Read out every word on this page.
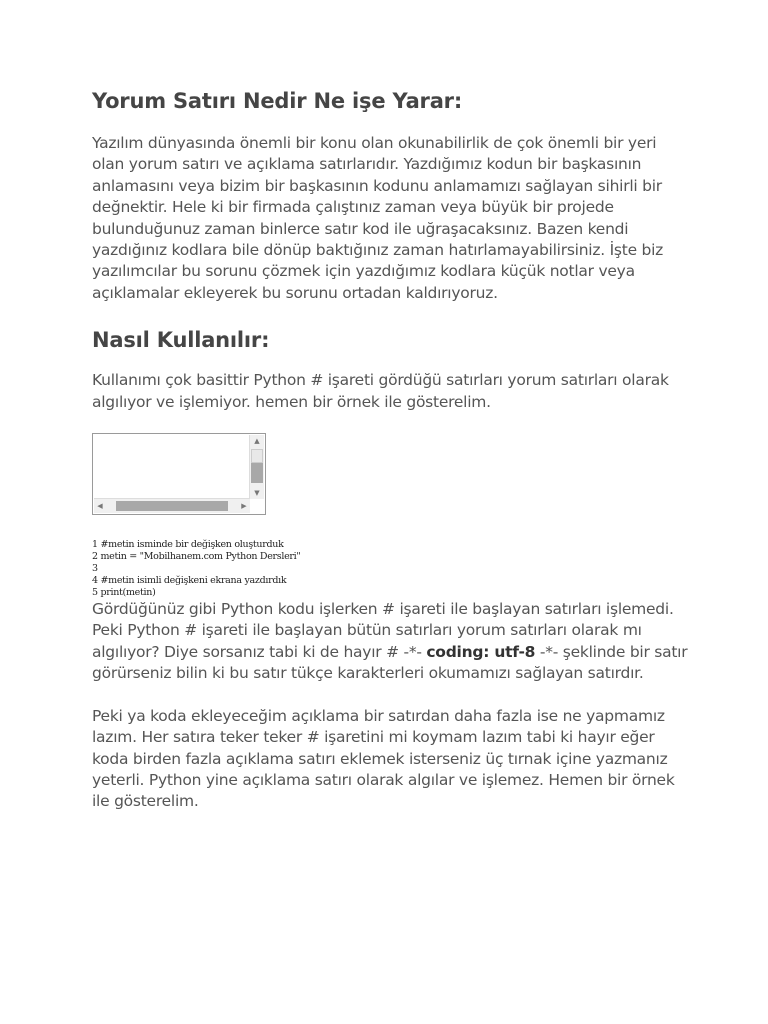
Yorum Satırı Nedir Ne işe Yarar:

Yazılım dünyasında önemli bir konu olan okunabilirlik de çok önemli bir yeri olan yorum satırı ve açıklama satırlarıdır. Yazdığımız kodun bir başkasının anlamasını veya bizim bir başkasının kodunu anlamamızı sağlayan sihirli bir değnektir. Hele ki bir firmada çalıştınız zaman veya büyük bir projede bulunduğunuz zaman binlerce satır kod ile uğraşacaksınız. Bazen kendi yazdığınız kodlara bile dönüp baktığınız zaman hatırlamayabilirsiniz. İşte biz yazılımcılar bu sorunu çözmek için yazdığımız kodlara küçük notlar veya açıklamalar ekleyerek bu sorunu ortadan kaldırıyoruz.

Nasıl Kullanılır:

Kullanımı çok basittir Python # işareti gördüğü satırları yorum satırları olarak algılıyor ve işlemiyor. hemen bir örnek ile gösterelim.

▲
▼
◀	▶
1 #metin isminde bir değişken oluşturduk
2 metin = "Mobilhanem.com Python Dersleri"
3
4 #metin isimli değişkeni ekrana yazdırdık
5 print(metin)

Gördüğünüz gibi Python kodu işlerken # işareti ile başlayan satırları işlemedi. Peki Python # işareti ile başlayan bütün satırları yorum satırları olarak mı algılıyor? Diye sorsanız tabi ki de hayır # -*- coding: utf-8 -*- şeklinde bir satır görürseniz bilin ki bu satır tükçe karakterleri okumamızı sağlayan satırdır.

Peki ya koda ekleyeceğim açıklama bir satırdan daha fazla ise ne yapmamız lazım. Her satıra teker teker # işaretini mi koymam lazım tabi ki hayır eğer koda birden fazla açıklama satırı eklemek isterseniz üç tırnak içine yazmanız yeterli. Python yine açıklama satırı olarak algılar ve işlemez. Hemen bir örnek ile gösterelim.
